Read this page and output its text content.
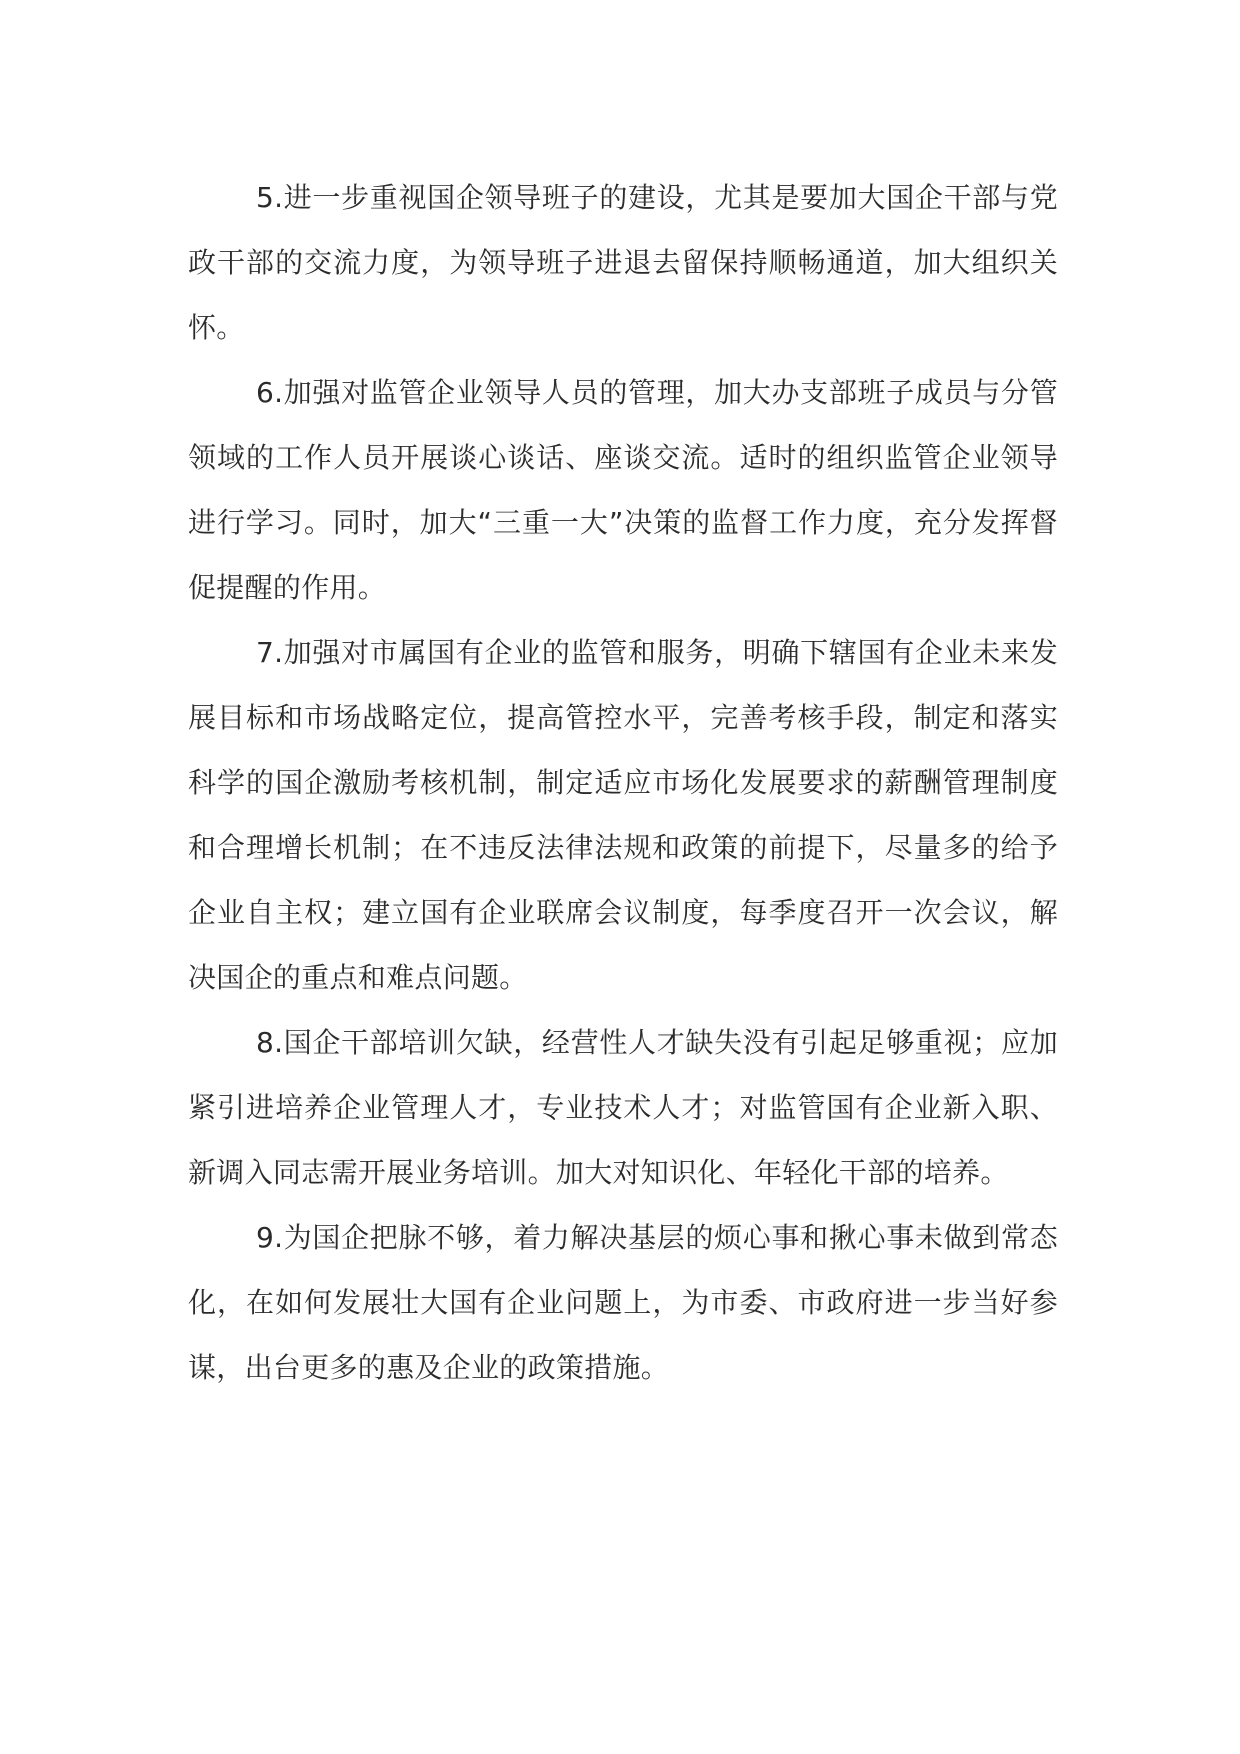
5.进一步重视国企领导班子的建设，尤其是要加大国企干部与党政干部的交流力度，为领导班子进退去留保持顺畅通道，加大组织关怀。

6.加强对监管企业领导人员的管理，加大办支部班子成员与分管领域的工作人员开展谈心谈话、座谈交流。适时的组织监管企业领导进行学习。同时，加大“三重一大”决策的监督工作力度，充分发挥督促提醒的作用。

7.加强对市属国有企业的监管和服务，明确下辖国有企业未来发展目标和市场战略定位，提高管控水平，完善考核手段，制定和落实科学的国企激励考核机制，制定适应市场化发展要求的薪酬管理制度和合理增长机制；在不违反法律法规和政策的前提下，尽量多的给予企业自主权；建立国有企业联席会议制度，每季度召开一次会议，解决国企的重点和难点问题。

8.国企干部培训欠缺，经营性人才缺失没有引起足够重视；应加紧引进培养企业管理人才，专业技术人才；对监管国有企业新入职、新调入同志需开展业务培训。加大对知识化、年轻化干部的培养。

9.为国企把脉不够，着力解决基层的烦心事和揪心事未做到常态化，在如何发展壮大国有企业问题上，为市委、市政府进一步当好参谋，出台更多的惠及企业的政策措施。
